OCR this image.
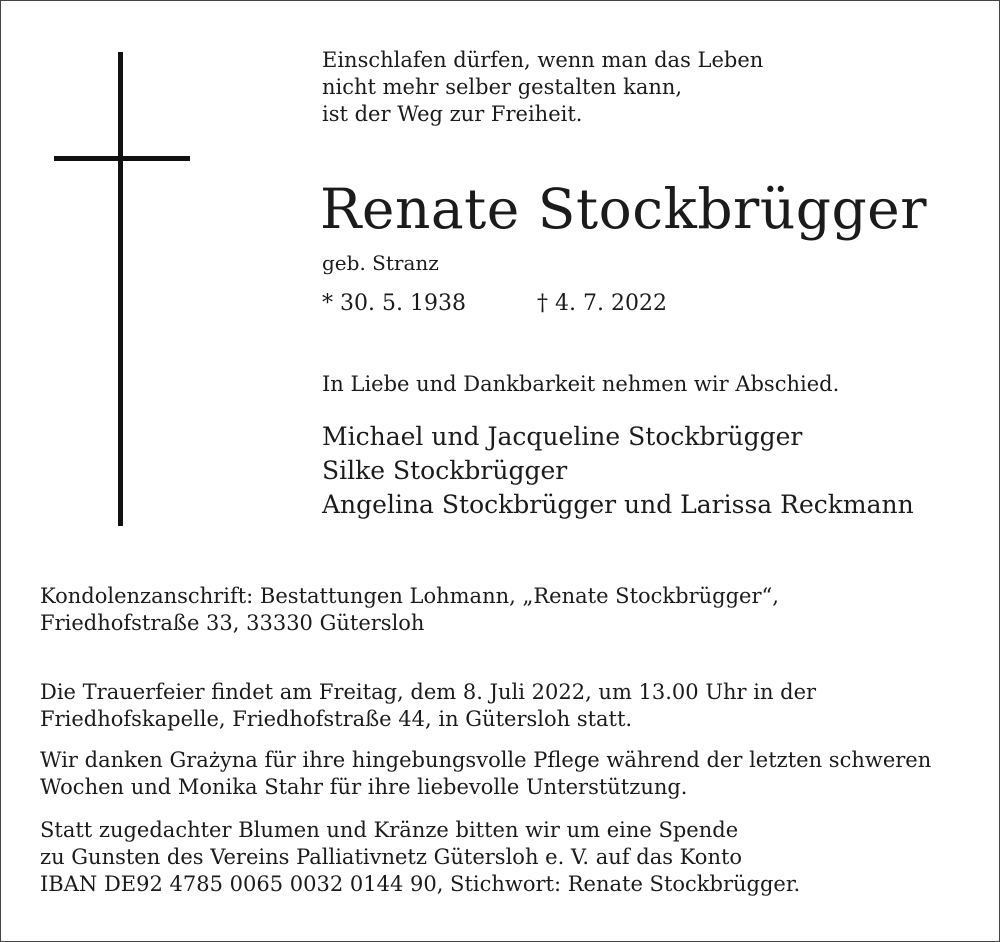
Einschlafen dürfen, wenn man das Leben
nicht mehr selber gestalten kann,
ist der Weg zur Freiheit.
Renate Stockbrügger
geb. Stranz
* 30. 5. 1938	† 4. 7. 2022
In Liebe und Dankbarkeit nehmen wir Abschied.
Michael und Jacqueline Stockbrügger
Silke Stockbrügger
Angelina Stockbrügger und Larissa Reckmann
Kondolenzanschrift: Bestattungen Lohmann, „Renate Stockbrügger“,
Friedhofstraße 33, 33330 Gütersloh
Die Trauerfeier findet am Freitag, dem 8. Juli 2022, um 13.00 Uhr in der
Friedhofskapelle, Friedhofstraße 44, in Gütersloh statt.
Wir danken Grażyna für ihre hingebungsvolle Pflege während der letzten schweren
Wochen und Monika Stahr für ihre liebevolle Unterstützung.
Statt zugedachter Blumen und Kränze bitten wir um eine Spende
zu Gunsten des Vereins Palliativnetz Gütersloh e. V. auf das Konto
IBAN DE92 4785 0065 0032 0144 90, Stichwort: Renate Stockbrügger.
